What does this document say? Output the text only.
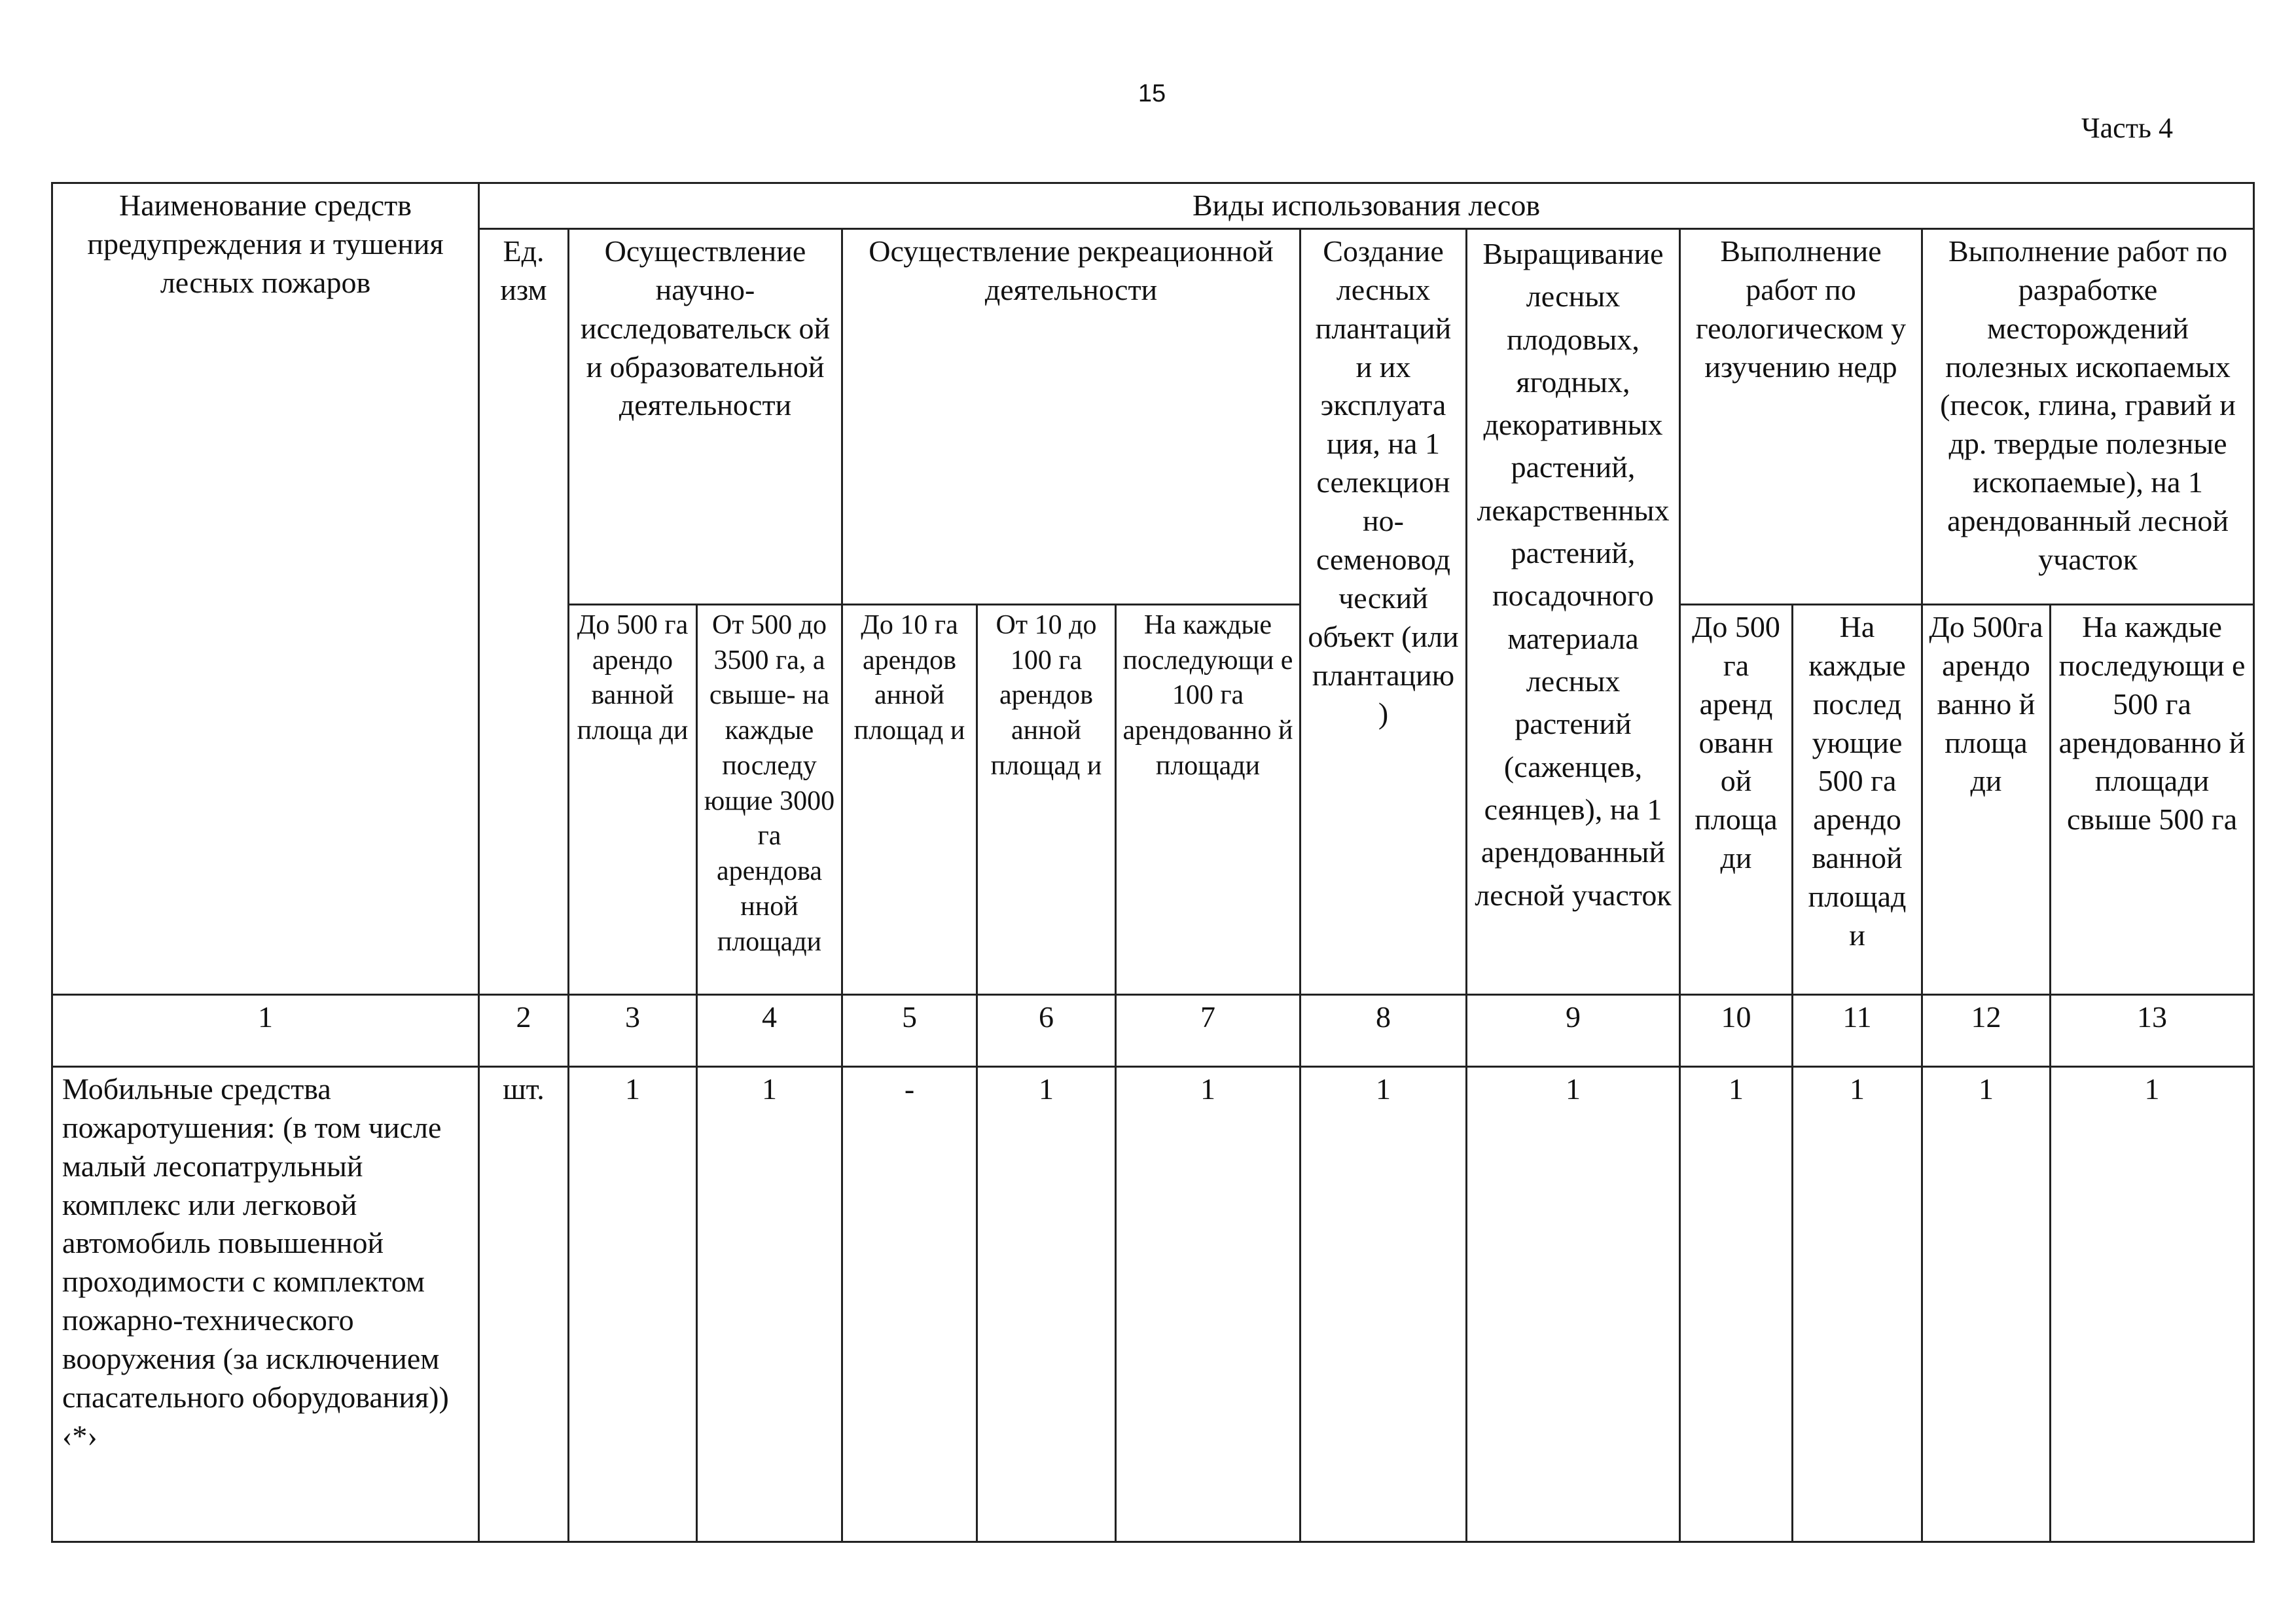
15
Часть 4
Наименование средств предупреждения и тушения лесных пожаров	Виды использования лесов											
	Ед. изм	Осуществление научно-исследовательск ой и образовательной деятельности		Осуществление рекреационной деятельности			Создание лесных плантаций и их эксплуата ция, на 1 селекцион но-семеновод ческий объект (или плантацию )	Выращивание лесных плодовых, ягодных, декоративных растений, лекарственных растений, посадочного материала лесных растений (саженцев, сеянцев), на 1 арендованный лесной участок	Выполнение работ по геологическом у изучению недр		Выполнение работ по разработке месторождений полезных ископаемых (песок, глина, гравий и др. твердые полезные ископаемые), на 1 арендованный лесной участок	
		До 500 га арендо ванной площа ди	От 500 до 3500 га, а свыше- на каждые последу ющие 3000 га арендова нной площади	До 10 га арендов анной площад и	От 10 до 100 га арендов анной площад и	На каждые последующи е 100 га арендованно й площади			До 500 га аренд ованн ой площа ди	На каждые послед ующие 500 га арендо ванной площад и	До 500га арендо ванно й площа ди	На каждые последующи е 500 га арендованно й площади свыше 500 га
1	2	3	4	5	6	7	8	9	10	11	12	13
Мобильные средства пожаротушения: (в том числе малый лесопатрульный комплекс или легковой автомобиль повышенной проходимости с комплектом пожарно-технического вооружения (за исключением спасательного оборудования)) ‹*›	шт.	1	1	-	1	1	1	1	1	1	1	1
